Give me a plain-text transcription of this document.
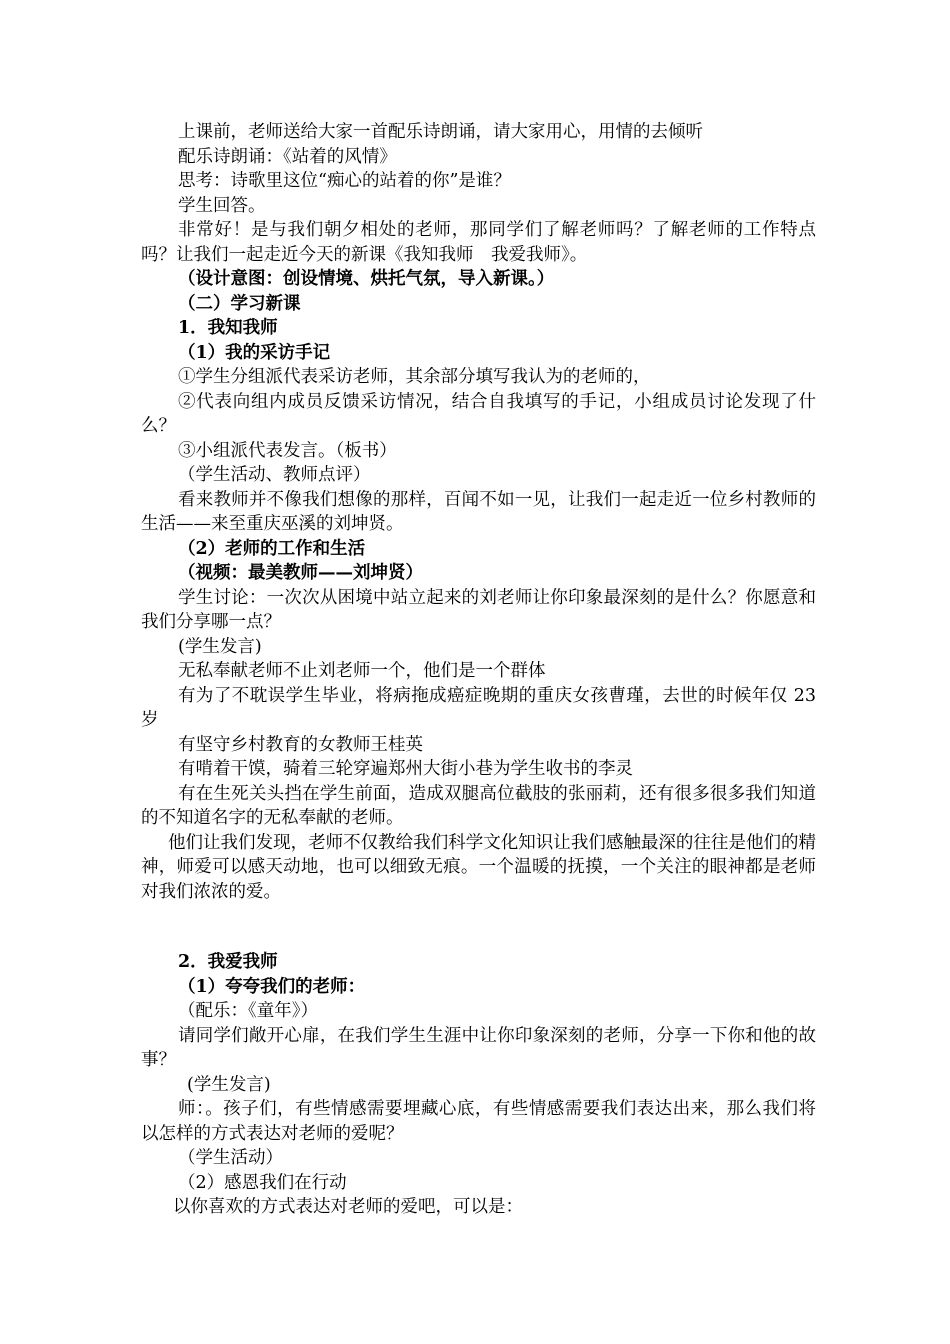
上课前，老师送给大家一首配乐诗朗诵，请大家用心，用情的去倾听

配乐诗朗诵：《站着的风情》

思考：诗歌里这位“痴心的站着的你”是谁？

学生回答。

非常好！是与我们朝夕相处的老师，那同学们了解老师吗？了解老师的工作特点吗？让我们一起走近今天的新课《我知我师　我爱我师》。

（设计意图：创设情境、烘托气氛，导入新课。）

（二）学习新课

1．我知我师

（1）我的采访手记

①学生分组派代表采访老师，其余部分填写我认为的老师的，

②代表向组内成员反馈采访情况，结合自我填写的手记，小组成员讨论发现了什么？

③小组派代表发言。（板书）

（学生活动、教师点评）

看来教师并不像我们想像的那样，百闻不如一见，让我们一起走近一位乡村教师的生活——来至重庆巫溪的刘坤贤。

（2）老师的工作和生活

（视频：最美教师——刘坤贤）

学生讨论：一次次从困境中站立起来的刘老师让你印象最深刻的是什么？你愿意和我们分享哪一点？

(学生发言)

无私奉献老师不止刘老师一个，他们是一个群体

有为了不耽误学生毕业，将病拖成癌症晚期的重庆女孩曹瑾，去世的时候年仅 23 岁

有坚守乡村教育的女教师王桂英

有啃着干馍，骑着三轮穿遍郑州大街小巷为学生收书的李灵

有在生死关头挡在学生前面，造成双腿高位截肢的张丽莉，还有很多很多我们知道的不知道名字的无私奉献的老师。

他们让我们发现，老师不仅教给我们科学文化知识让我们感触最深的往往是他们的精神，师爱可以感天动地，也可以细致无痕。一个温暖的抚摸，一个关注的眼神都是老师对我们浓浓的爱。

2．我爱我师

（1）夸夸我们的老师：

（配乐：《童年》）

请同学们敞开心扉，在我们学生生涯中让你印象深刻的老师，分享一下你和他的故事？

(学生发言)

师：。孩子们，有些情感需要埋藏心底，有些情感需要我们表达出来，那么我们将以怎样的方式表达对老师的爱呢？

（学生活动）

（2）感恩我们在行动

以你喜欢的方式表达对老师的爱吧，可以是：
